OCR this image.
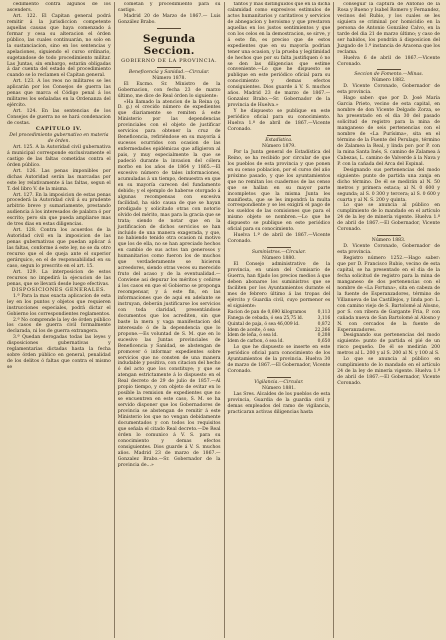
cedimiento contra algunos de los ascenders.

Art. 122. El Capitan general podrá remitir á la jurisdiccion competente aquellas causas que haya comenzado á formar y cesa su alteracion el órden público, las cuales continuarán, no solo en la sustanciacion, sino en los sentencias y apelaciones, siguiendo el curso ordinario, sugetandose de todo procedimiento militar. Las Juntas, sin embargo, estarán obligadas á dar cuenta del estado del procedimiento cuando se lo reclamen el Capitan general.

Art. 123. A los reos no militares se les aplicarán por los Consejos de guerra las penas que marca el Código penal á los militares los señaladas en la Ordenanza del ejército.

Art. 124. En las sentencias de los Consejos de guerra no se hará condenacion de costas.

CAPÍTULO IV.

Del procedimiento gubernativo en materia de órden.

Art. 125. A la Autoridad civil gubernativa á municipal corresponde exclusivamente el castigo de las faltas cometidas contra el órden público.

Art. 126. Las penas imponibles por dichas Autoridad serán las marcadas por este ley relativamente á las faltas, segun el T. del libro V. de la misma.

Art. 127. En la imposicion de estas penas procederá la Autoridad civil á su prudente arbitrio breve y sumariamente, prestando audiencia á los interesados de palabra ó por escrito; pero sin que pueda ampliarse mas de tres dias en estas diligencias.

Art. 128. Contra los acuerdos de la Autoridad civil en la imposicion de las penas gubernativas que puedan aplicar á las faltas, conforme á este ley, no se da otro recurso que el de queja ante el superior gerárquico, en el de responsabilidad en su caso, segun lo prescrito en el art. 15.

Art. 129. La interposicion de estos recursos no impedirá la ejecucion de las penas, que se llevará desde luego efectivas.

DISPOSICIONES GENERALES.

1.ª Para la mas exacta aplicacion de esta ley en los puntos y objetos que requieren instrucciones especiales, podrá dictar el Gobierno los correspondientes reglamentos.

2.ª No comprende la ley de órden público los casos de guerra civil formalmente declarada, ni los de guerra extrangera.

3.ª Quedan derogadas todas las leyes y disposiciones gubernativas y reglamentarias dictadas hasta la fecha sobre órden público en general, penalidad de los delitos ó faltas que contra el mismo se

cometan y procedimiento para su castigo.

Madrid 20 de Marzo de 1867.— Luis González Brabo.

Segunda Seccion.

GOBIERNO DE LA PROVINCIA.

Beneficencia y Sanidad.—Circular.

Número 1878.

El Excmo. Sr. Ministro de la Gobernacion, con fecha 23 de marzo último, me dice de Real órden lo siguiente:

«Ha llamado la atencion de la Reina (q. D. g.) el crecido número de expedientes que diariamente se remiten á este Ministerio por las dependencias provinciales con el objeto de justificar servicios para obtener la cruz de Beneficencia, refiriéndose en su mayoría á sucesos ocurridos con ocasion de las enfermedades epidémicas que afligieron al pais, y muy especialmente la que se padeció durante la invasion del cólera morbo en los años de 1864 y 1865.—El excesivo número de tales informaciones, acumuladas á un tiempo, demuestra en que en su mayoría carecen del fundamento debido; y el ejemplo de haberse otorgado á algunas recompensas con excesiva facilidad, ha sido causa de que se hayan prodigado y solicitado otras con notorio olvido del mérito, mas para la gracia que se trata; siendo de notar que en la justificacion de dichos servicios se han incluido de una manera exagerada, y que, no habiendo tenido otra ocasion ni motivo que los de ella, no se han apreciado hechos en cambio de sus actos tan generosos y humanitarios como fueron los de muchos que verdaderamente se hicieron acreedores, siendo otras veces su merecido fruto del acaso y de la eventualidad.—Conviene asi depurar los méritos y ceñirse á los casos en que el Gobierno se proponga recompensar, y á este fin, en las informaciones que de aqui en adelante se instruyan, deberán justificarse los servicios con toda claridad, presentándose documentos que los acrediten, sin que baste la mera y vaga manifestacion del interesado ó de la dependencia que lo propone.—Es voluntad de S. M. que en lo sucesivo las Juntas provinciales de Beneficencia y Sanidad, se abstengan de promover ó informar expedientes sobre servicios que no consten de una manera indudable y positiva, con citacion del hecho ó del acto que los constituye; y que se atengan estrictamente á lo dispuesto en el Real decreto de 29 de julio de 1857.—Al propio tiempo, y con objeto de evitar en lo posible la remision de expedientes que no se encuentren en este caso, S. M. se ha servido disponer que los Gobernadores de provincia se abstengan de remitir á este Ministerio los que no vengan debidamente documentados y con todos los requisitos que señala el citado Real decreto.—De Real órden lo comunico á V. S. para su conocimiento y demas efectos consiguientes. Dios guarde á V. S. muchos años. Madrid 23 de marzo de 1867.— Gonzalez Brabo.—Sr. Gobernador de la provincia de...»

tantos y mas distinguidos que en la dicha calamidad como expresivos estímulos de actos humanitarios y caritativos y servicios de abnegacion y heroismo y que prestaron aquellas en los justos sentimientos y que con los celos en la demostracion, se sirve, y á este fin, es preciso que de estos expedientes que en su mayoría podrian tener una ocasion, y la prueba y legitimidad de hechos que por su falta justifiquen ó no se den las diligencias que estime conveniente.—Lo que he dispuesto se publique en este periódico oficial para su conocimiento y demas efectos consiguientes. Dios guarde á V. S. muchos años. Madrid 23 de marzo de 1867.—Gonzalez Brabo.—Sr. Gobernador de la provincia de Huelva.»

Y he dispuesto se publique en este periódico oficial para su conocimiento. Huelva 1.º de abril de 1867.—Vicente Coronado.

Estadística.

Número 1879.

Por la Junta general de Estadística del Reino, se ha recibido por circular de que los pueblos de esta provincia y que ponen en su censo poblacion, por el curso del año próximo pasado, y que los ayuntamientos que no remitan los cuadernos de las censo que se hallan en su mayor parte incompletos que la misma Junta les manifiesta, que se les impondrá la multa correspondiente y se les exigirá el pago de los sueldos de las comisiones que para el mismo objeto se nombren.—Lo que he dispuesto se publique en este periódico oficial para su conocimiento.

Huelva 1.º de abril de 1867.—Vicente Coronado.

Suministros.—Circular.

Número 1880.

El Consejo administrativo de la provincia, en union del Comisario de Guerra, han fijado los precios medios á que deben abonarse los suministros que se faciliten por los Ayuntamientos durante el mes de febrero último á las tropas del ejército y Guardia civil, cuyo pormenor es el siguiente:

Racion de pan de 0,690 kilogramos	0,113
Fanega de cebada, ó sea 25,75 ld.	3,116
Quintal de paja, ó sea 46,009 ld.	0,872
Idem de aceite, ó sea	22,266
Idem de leña, ó sea ld.	0,208
Idem de carbon, ó sea ld.	0,650

Lo que he dispuesto se inserte en este periódico oficial para conocimiento de los Ayuntamientos de la provincia. Huelva 30 de marzo de 1867.—El Gobernador, Vicente Coronado.

Vigilancia.—Circular.

Número 1881.

Las Sres. Alcaldes de los pueblos de esta provincia, Guardia de la guardia civil y demas empleados del ramo de vigilancia, practicaran activas diligencias hasta

conseguir la captura de Antonio de la Rosa y Bueno y Isabel Romero y Fernandez, vecinos del Rubio, y los cuales se les siguiera se criminal por homicidio en la persona de Antonio González Calvo, en la tarde del dia 21 de marzo último; y caso de ser habidos, los pondrán á disposicion del Juzgado de 1.ª instancia de Aracena que los reclama.

Huelva 6 de abril de 1867.—Vicente Coronado.

Seccion de Fomento.—Minas.

Número 1882.

D. Vicente Coronado, Gobernador de esta provincia.

Hago saber: que por D. José María Garcia Prieto, vecino de esta capital, en nombre de don Vicente Delgado Zorza, se ha presentado en el dia 30 del pasado solicitud de registro para la mina de manganeso de seis pertenencias con el nombre de «La Purísima», sita en el término de la Fuente del Perulago, término de Zalamea la Real, y linda por: por P. con la mina Santa Inés, S. camino de Zalamea á Cabezas, L. camino de Valverde á la Nava y P. con la cañada del Arca del Espinal.

Designando sus pertenencias del modo siguiente: punto de partida una zanja en dicho término. De él se medirán al N. 50 metros y primera estaca; al N. 0 600 y segunda; al S. 0 300 y tercera; al S. 0 600 y cuarta y al N. S. 200 y quinta.

Lo que se anuncia al público en cumplimiento de lo mandado en el artículo 24 de la ley de minería vigente. Huelva 1.º de abril de 1867.—El Gobernador, Vicente Coronado.

Número 1883.

D. Vicente Coronado, Gobernador de esta provincia.

Registro número 1252.—Hago saber: que por D. Francisco Rubio, vecino de esta capital, se ha presentado en el dia de la fecha solicitud de registro para la mina de manganeso de dos pertenencias con el nombre de «La Fortuna», sita en cabeza de la fuente de Esperanzadores, término de Villanueva de las Castillejos, y linda por: L. con camino viejo de S. Bartolomé al Alosno, por S. con ribera de Gargante Fria, P. con cañada nueva de San Bartolomé al Alosno y N. con cercados de la fuente de Esperanzadores.

Designando sus pertenencias del modo siguiente: punto de partida el pié de un risco pequeño. De él se medirán 200 metros al L. 200 y al S. 200 al N. y 100 al S.

Lo que se anuncia al público en cumplimiento de lo mandado en el artículo 24 de la ley de minería vigente. Huelva 1.º de abril de 1867.—El Gobernador, Vicente Coronado.
